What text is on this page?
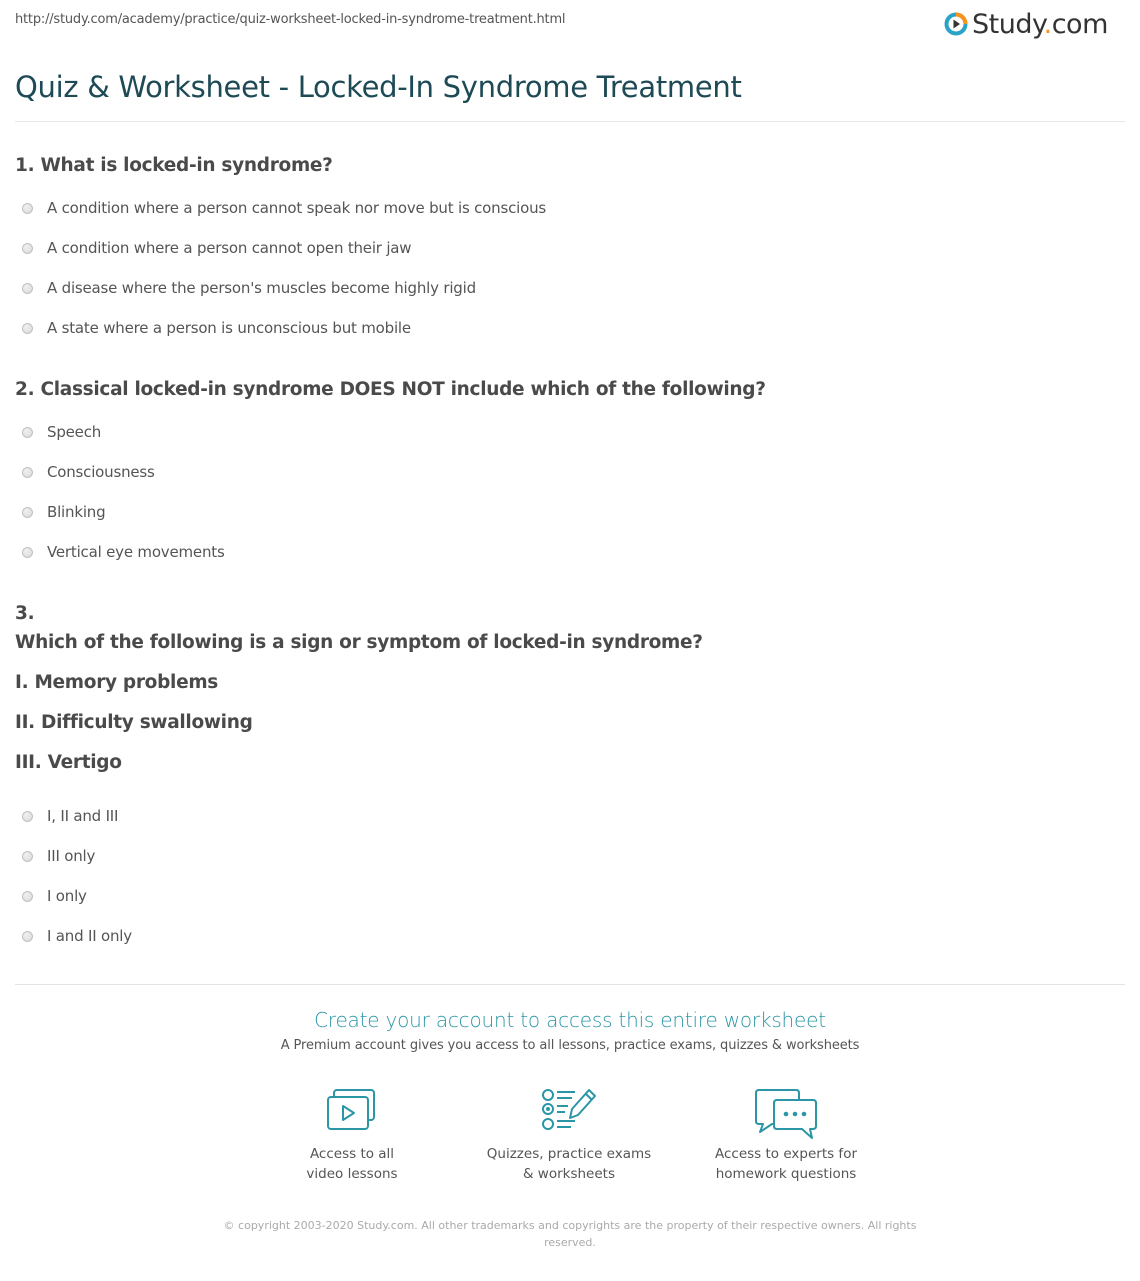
http://study.com/academy/practice/quiz-worksheet-locked-in-syndrome-treatment.html	Study.com
Quiz & Worksheet - Locked-In Syndrome Treatment
1. What is locked-in syndrome?
A condition where a person cannot speak nor move but is conscious
A condition where a person cannot open their jaw
A disease where the person's muscles become highly rigid
A state where a person is unconscious but mobile
2. Classical locked-in syndrome DOES NOT include which of the following?
Speech
Consciousness
Blinking
Vertical eye movements
3.
Which of the following is a sign or symptom of locked-in syndrome?
I. Memory problems
II. Difficulty swallowing
III. Vertigo
I, II and III
III only
I only
I and II only
Create your account to access this entire worksheet
A Premium account gives you access to all lessons, practice exams, quizzes & worksheets
Access to all
video lessons
Quizzes, practice exams
& worksheets
Access to experts for
homework questions
© copyright 2003-2020 Study.com. All other trademarks and copyrights are the property of their respective owners. All rights reserved.
